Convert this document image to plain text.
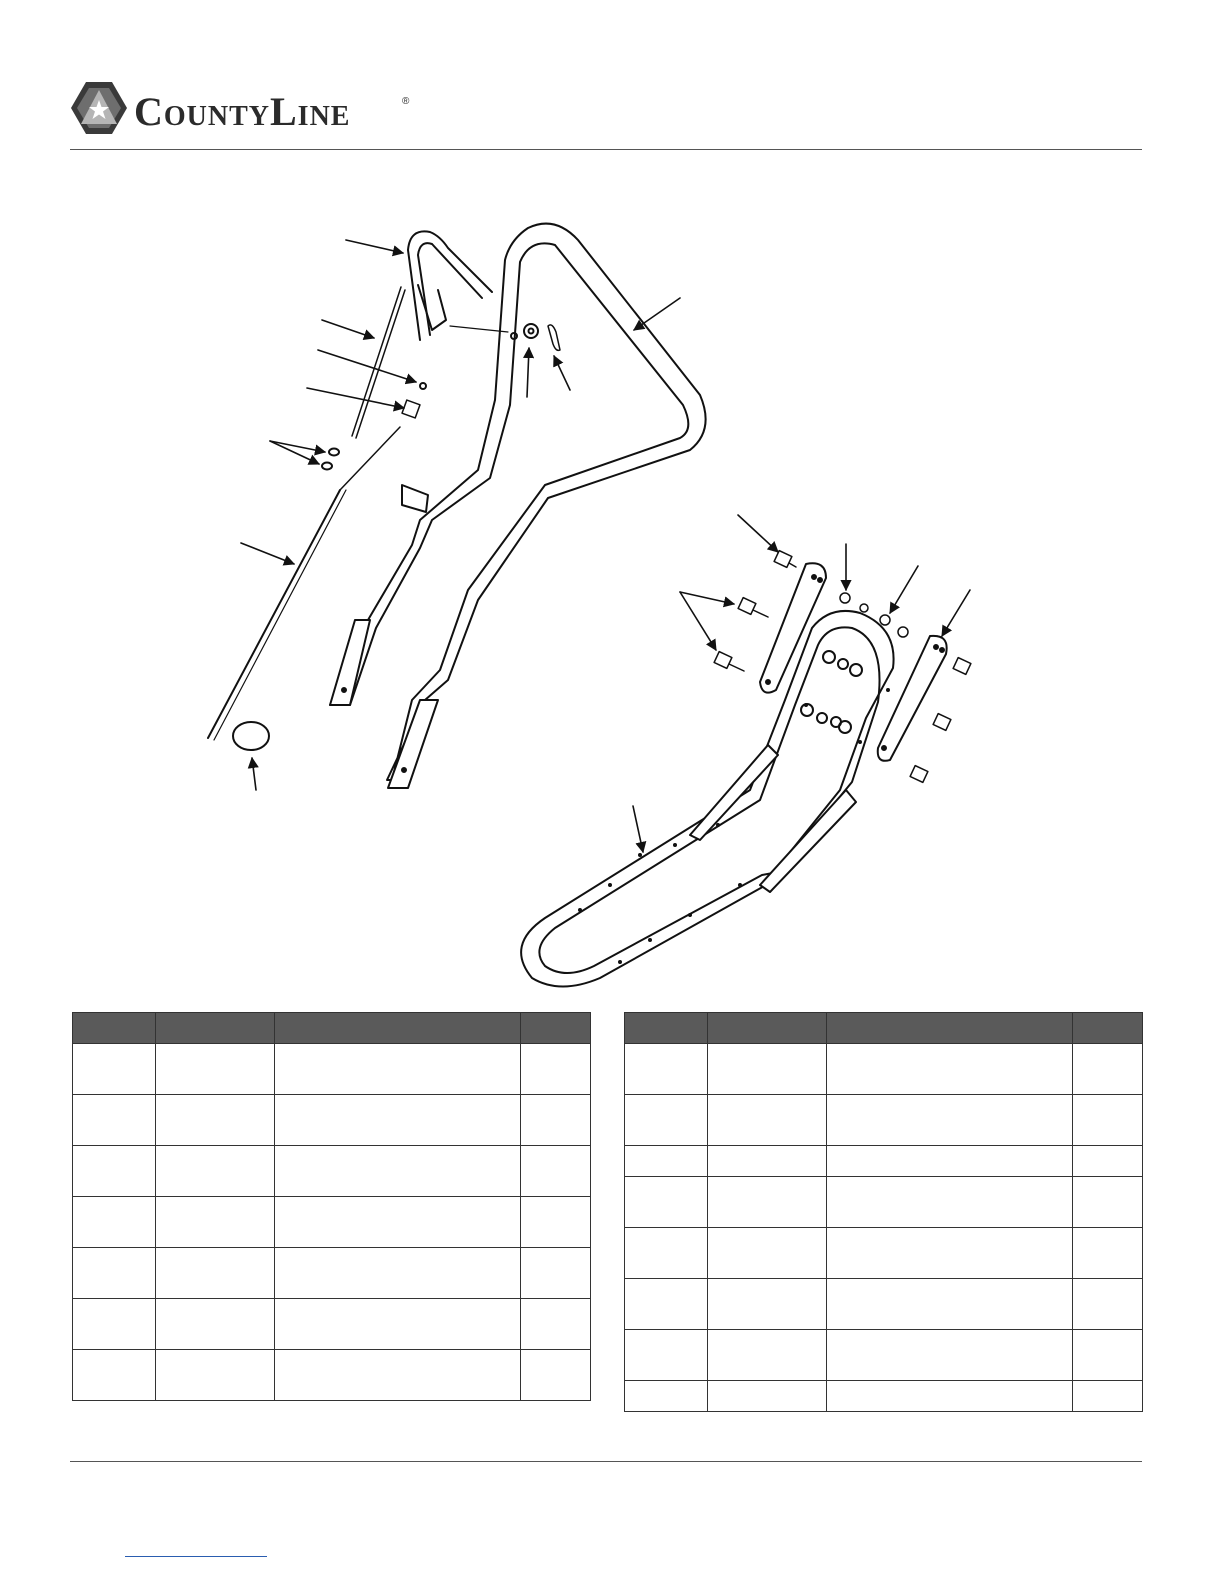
CountyLine	®
